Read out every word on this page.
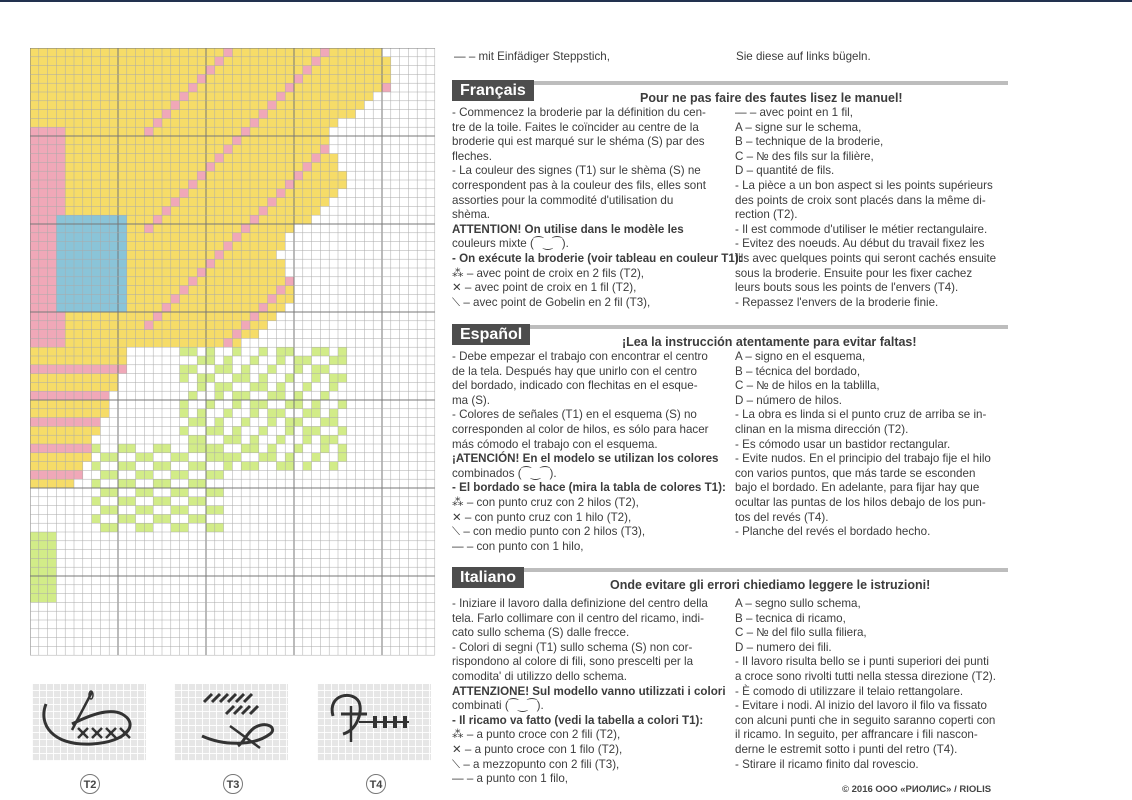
— – mit Einfädiger Steppstich,	Sie diese auf links bügeln.
Français	Pour ne pas faire des fautes lisez le manuel!
- Commencez la broderie par la définition du cen-
tre de la toile. Faites le coïncider au centre de la
broderie qui est marqué sur le shéma (S) par des
fleches.
- La couleur des signes (T1) sur le shèma (S) ne
correspondent pas à la couleur des fils, elles sont
assorties pour la commodité d'utilisation du
shèma.
ATTENTION! On utilise dans le modèle les
couleurs mixte (⁀‿⁀).
- On exécute la broderie (voir tableau en couleur T1):
⁂ – avec point de croix en 2 fils (T2),
✕ – avec point de croix en 1 fil (T2),
⟍ – avec point de Gobelin en 2 fil (T3),
— – avec point en 1 fil,
A – signe sur le schema,
B – technique de la broderie,
C – № des fils sur la filière,
D – quantité de fils.
- La pièce a un bon aspect si les points supérieurs
des points de croix sont placés dans la même di-
rection (T2).
- Il est commode d'utiliser le métier rectangulaire.
- Evitez des noeuds. Au début du travail fixez les
fils avec quelques points qui seront cachés ensuite
sous la broderie. Ensuite pour les fixer cachez
leurs bouts sous les points de l'envers (T4).
- Repassez l'envers de la broderie finie.
Español	¡Lea la instrucción atentamente para evitar faltas!
- Debe empezar el trabajo con encontrar el centro
de la tela. Después hay que unirlo con el centro
del bordado, indicado con flechitas en el esque-
ma (S).
- Colores de señales (T1) en el esquema (S) no
corresponden al color de hilos, es sólo para hacer
más cómodo el trabajo con el esquema.
¡ATENCIÓN! En el modelo se utilizan los colores
combinados (⁀‿⁀).
- El bordado se hace (mira la tabla de colores T1):
⁂ – con punto cruz con 2 hilos (T2),
✕ – con punto cruz con 1 hilo (T2),
⟍ – con medio punto con 2 hilos (T3),
— – con punto con 1 hilo,
A – signo en el esquema,
B – técnica del bordado,
C – № de hilos en la tablilla,
D – número de hilos.
- La obra es linda si el punto cruz de arriba se in-
clinan en la misma dirección (T2).
- Es cómodo usar un bastidor rectangular.
- Evite nudos. En el principio del trabajo fije el hilo
con varios puntos, que más tarde se esconden
bajo el bordado. En adelante, para fijar hay que
ocultar las puntas de los hilos debajo de los pun-
tos del revés (T4).
- Planche del revés el bordado hecho.
Italiano	Onde evitare gli errori chiediamo leggere le istruzioni!
- Iniziare il lavoro dalla definizione del centro della
tela. Farlo collimare con il centro del ricamo, indi-
cato sullo schema (S) dalle frecce.
- Colori di segni (T1) sullo schema (S) non cor-
rispondono al colore di fili, sono prescelti per la
comodita' di utilizzo dello schema.
ATTENZIONE! Sul modello vanno utilizzati i colori
combinati (⁀‿⁀).
- Il ricamo va fatto (vedi la tabella a colori T1):
⁂ – a punto croce con 2 fili (T2),
✕ – a punto croce con 1 filo (T2),
⟍ – a mezzopunto con 2 fili (T3),
— – a punto con 1 filo,
A – segno sullo schema,
B – tecnica di ricamo,
C – № del filo sulla filiera,
D – numero dei fili.
- Il lavoro risulta bello se i punti superiori dei punti
a croce sono rivolti tutti nella stessa direzione (T2).
- È comodo di utilizzare il telaio rettangolare.
- Evitare i nodi. Al inizio del lavoro il filo va fissato
con alcuni punti che in seguito saranno coperti con
il ricamo. In seguito, per affrancare i fili nascon-
derne le estremit sotto i punti del retro (T4).
- Stirare il ricamo finito dal rovescio.
T2	T3	T4	© 2016 ООО «РИОЛИС» / RIOLIS
